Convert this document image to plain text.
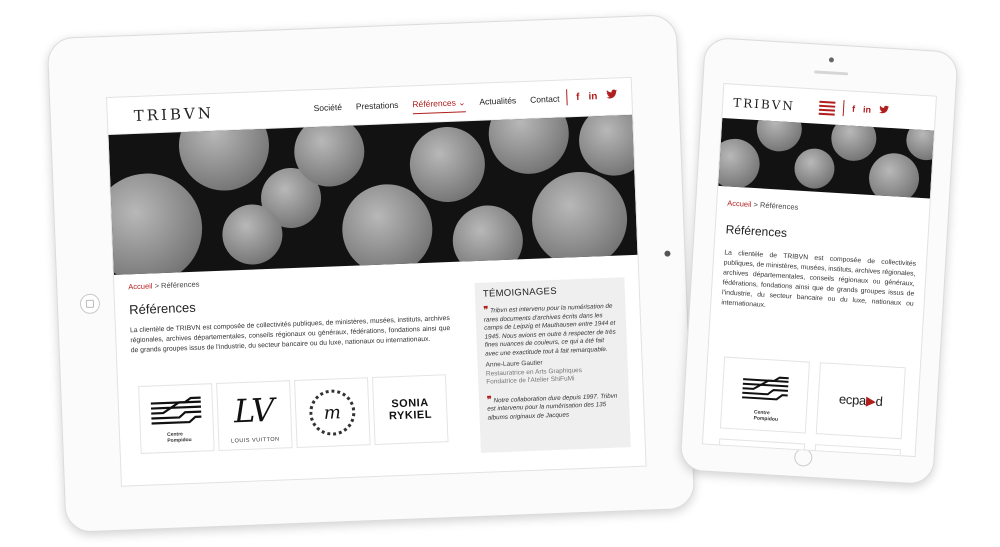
TRIBVN	Société Prestations Références ⌄ Actualités Contact f in
Accueil > Références
Références
La clientèle de TRIBVN est composée de collectivités publiques, de ministères, musées, instituts, archives régionales, archives départementales, conseils régionaux ou généraux, fédérations, fondations ainsi que de grands groupes issus de l'industrie, du secteur bancaire ou du luxe, nationaux ou internationaux.
Centre
Pompidou
LV
LOUIS VUITTON
m	SONIA
RYKIEL
TÉMOIGNAGES
❞ Tribvn est intervenu pour la numérisation de rares documents d'archives écrits dans les camps de Leipzig et Mauthausen entre 1944 et 1945. Nous avions en outre à respecter de très fines nuances de couleurs, ce qui a été fait avec une exactitude tout à fait remarquable.
Anne-Laure Gautier
Restauratrice en Arts Graphiques
Fondatrice de l'Atelier ShiFuMi
❞ Notre collaboration dure depuis 1997. Tribvn est intervenu pour la numérisation des 135 albums originaux de Jacques
TRIBVN	f in
Accueil > Références
Références
La clientèle de TRIBVN est composée de collectivités publiques, de ministères, musées, instituts, archives régionales, archives départementales, conseils régionaux ou généraux, fédérations, fondations ainsi que de grands groupes issus de l'industrie, du secteur bancaire ou du luxe, nationaux ou internationaux.
Centre
Pompidou
ecpa▶d
